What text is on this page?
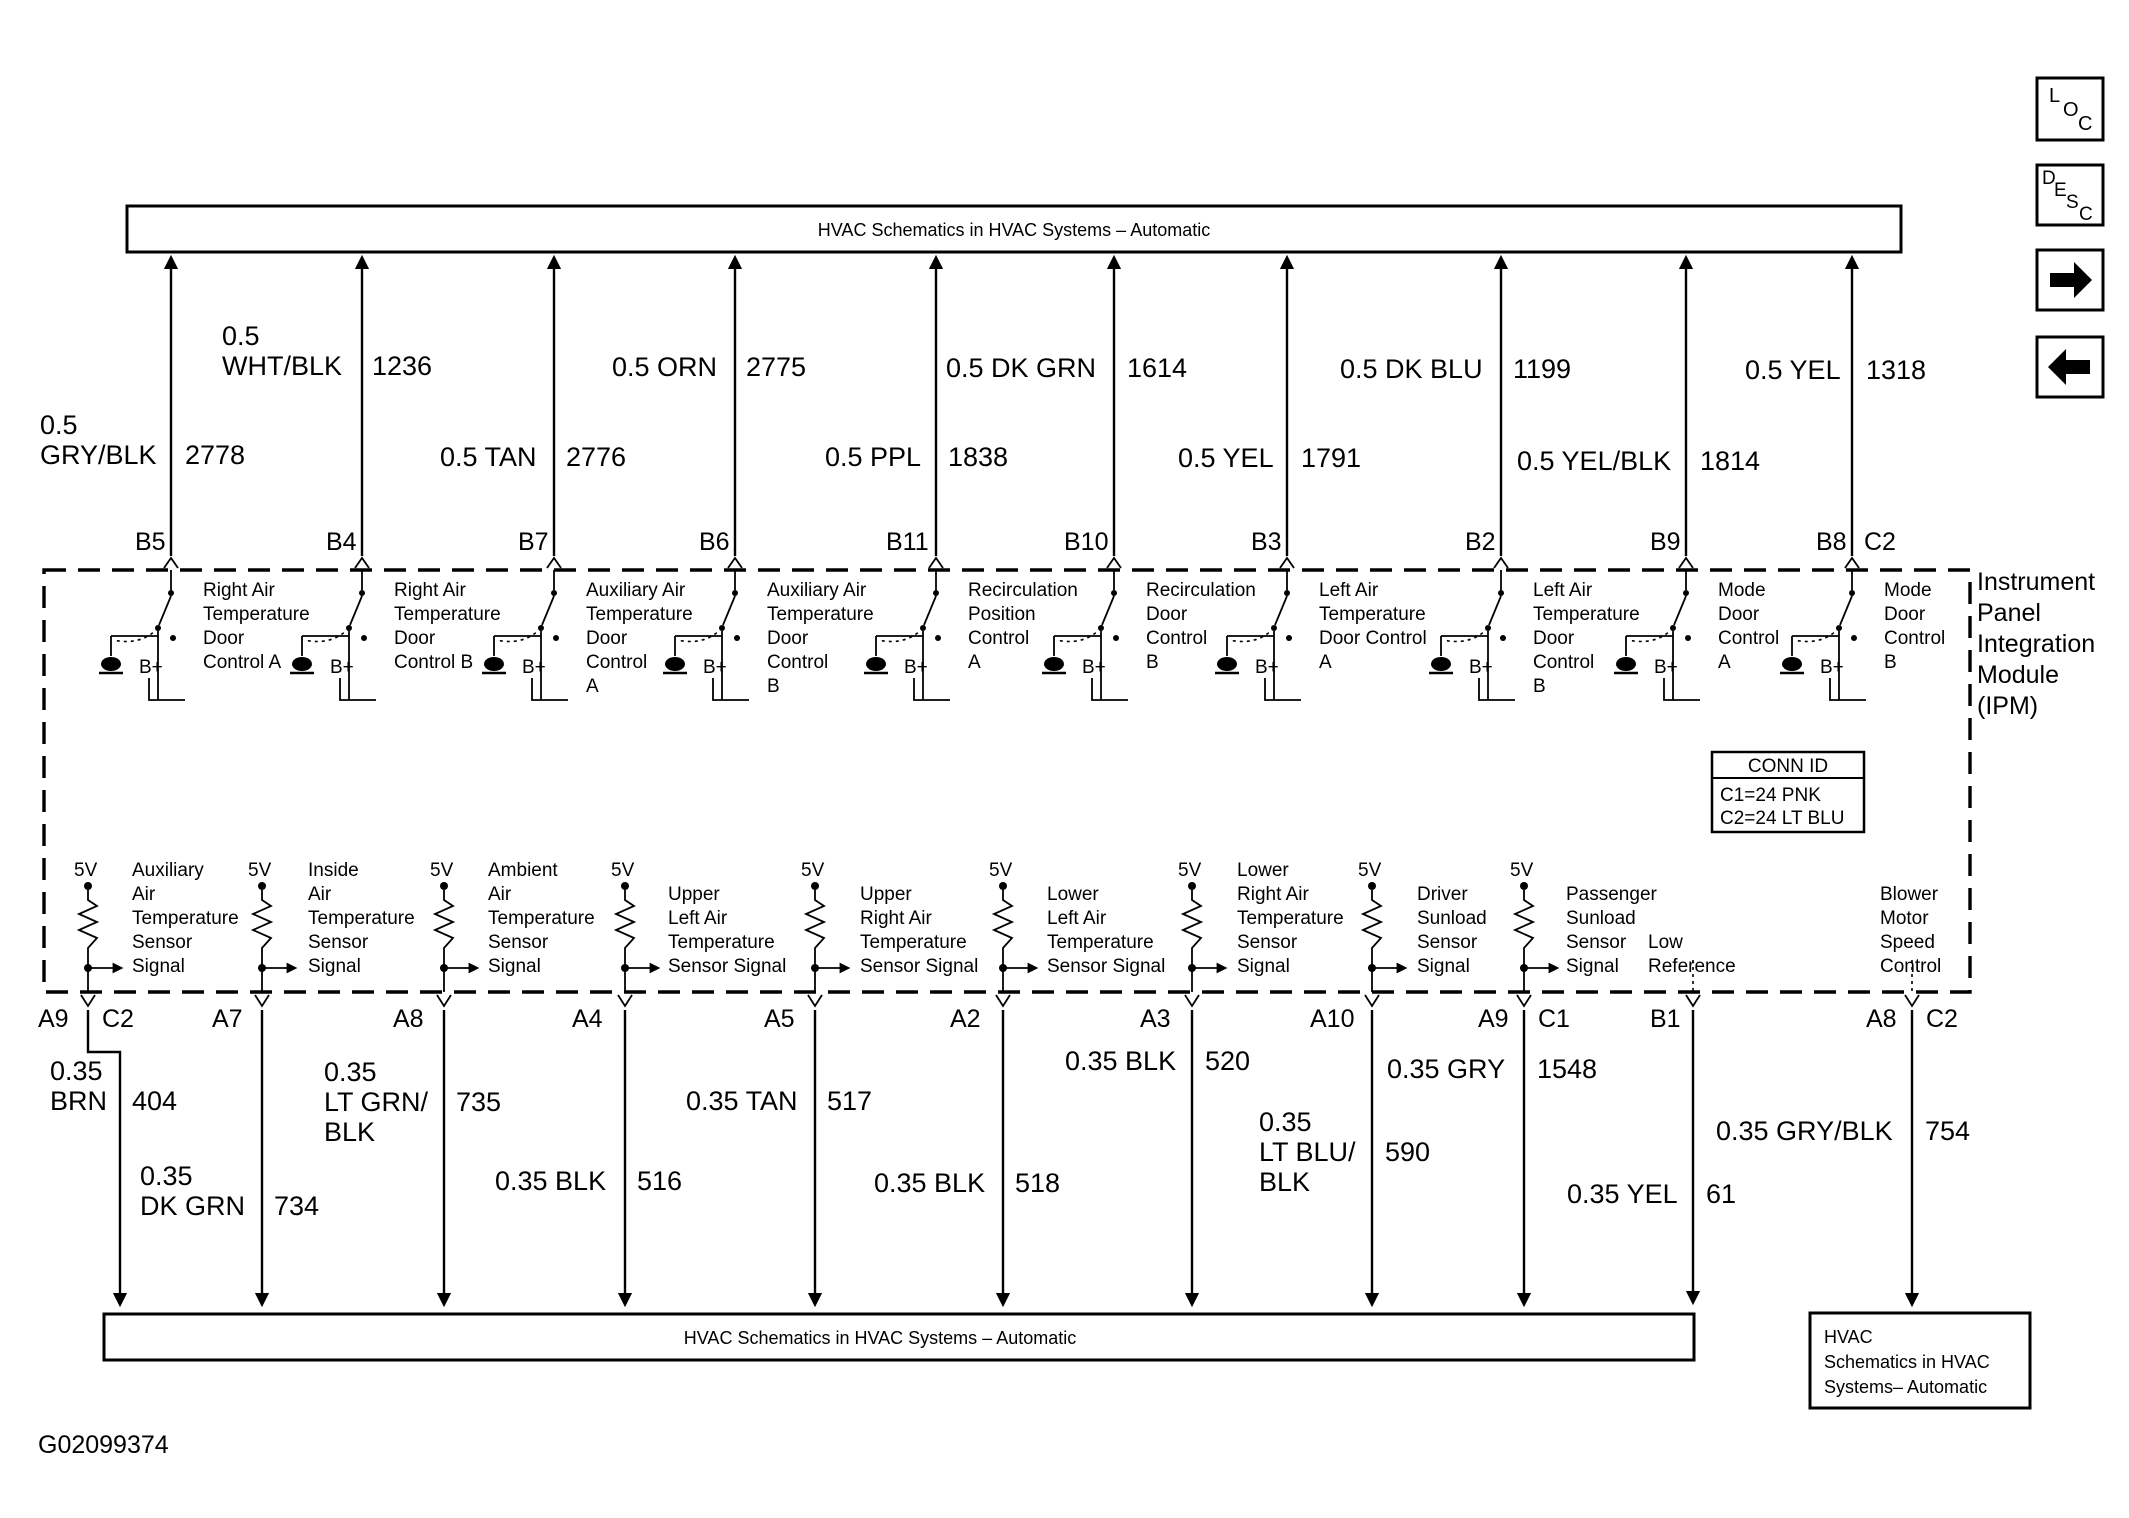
HVAC Schematics in HVAC Systems – Automatic
HVAC Schematics in HVAC Systems – Automatic	HVAC
Schematics in HVAC
Systems– Automatic
Instrument
Panel
Integration
Module
(IPM)
CONN ID
C1=24 PNK
C2=24 LT BLU
G02099374
L
O
C
D
E
S
C
B5
0.5
GRY/BLK 2778
B+
Right Air
Temperature
Door
Control A
B4
0.5
WHT/BLK 1236
B+
Right Air
Temperature
Door
Control B
B7
0.5 TAN 2776
B+
Auxiliary Air
Temperature
Door
Control
A
B6
0.5 ORN 2775
B+
Auxiliary Air
Temperature
Door
Control
B
B11
0.5 PPL 1838
B+
Recirculation
Position
Control
A
B10
0.5 DK GRN 1614
B+
Recirculation
Door
Control
B
B3
0.5 YEL 1791
B+
Left Air
Temperature
Door Control
A
B2
0.5 DK BLU 1199
B+
Left Air
Temperature
Door
Control
B
B9
0.5 YEL/BLK 1814
B+
Mode
Door
Control
A
B8 C2
0.5 YEL 1318
B+
Mode
Door
Control
B
A9 C2
0.35
BRN 404
5V Auxiliary
Air
Temperature
Sensor
Signal
A7
0.35
DK GRN 734
5V Inside
Air
Temperature
Sensor
Signal
A8
0.35
LT GRN/
BLK
735
5V Ambient
Air
Temperature
Sensor
Signal
A4
0.35 BLK 516
5V
Upper
Left Air
Temperature
Sensor Signal
A5
0.35 TAN 517
5V
Upper
Right Air
Temperature
Sensor Signal
A2
0.35 BLK 518
5V
Lower
Left Air
Temperature
Sensor Signal
A3
0.35 BLK 520
5V Lower
Right Air
Temperature
Sensor
Signal
A10
0.35
LT BLU/
BLK
590
5V
Driver
Sunload
Sensor
Signal
A9 C1
0.35 GRY 1548
5V
Passenger
Sunload
Sensor
Signal
B1
0.35 YEL 61
Low
Reference
A8 C2
0.35 GRY/BLK 754
Blower
Motor
Speed
Control
